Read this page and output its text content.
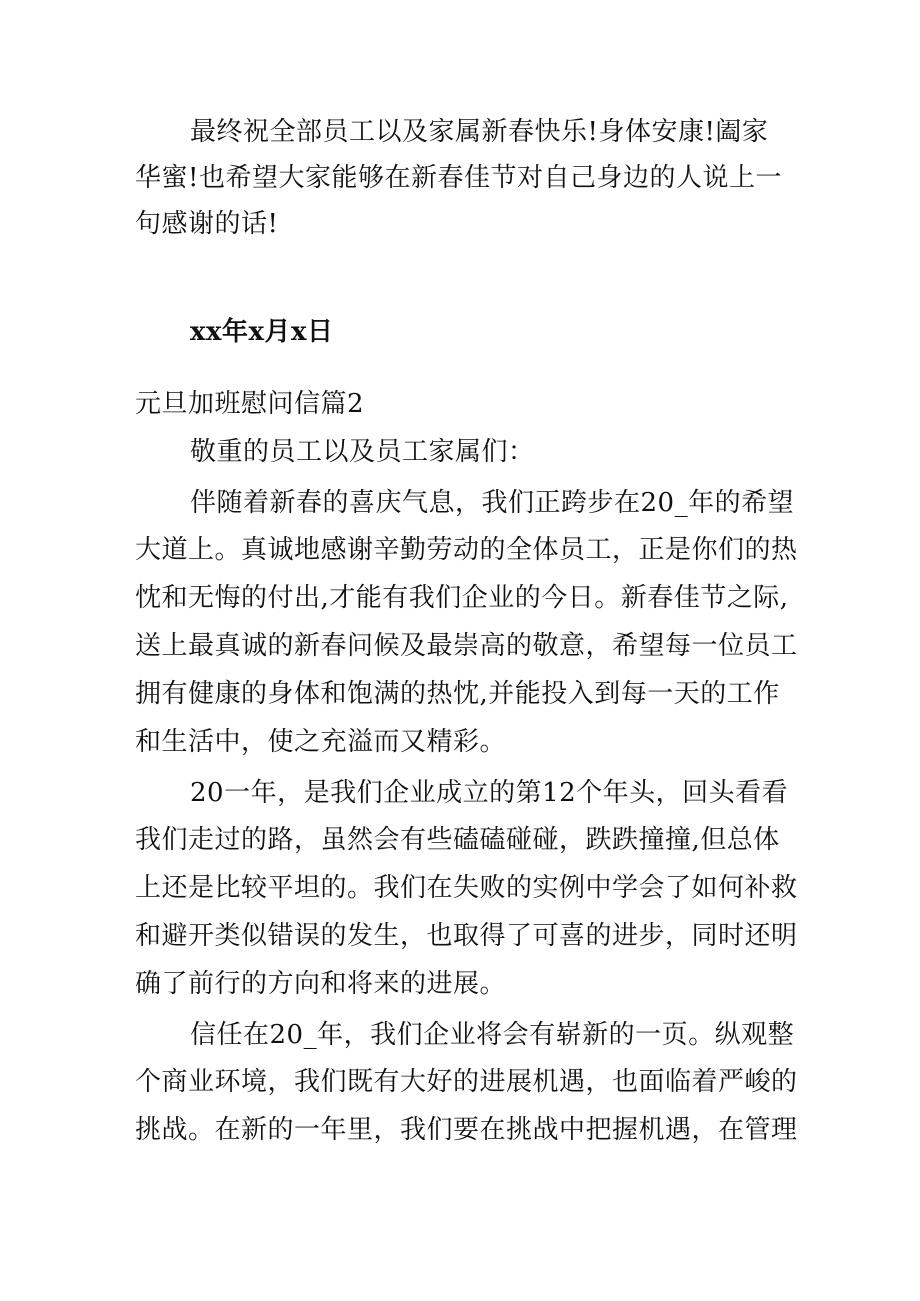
最终祝全部员工以及家属新春快乐!身体安康!阖家
华蜜!也希望大家能够在新春佳节对自己身边的人说上一
句感谢的话!
xx年x月x日
元旦加班慰问信篇2
敬重的员工以及员工家属们：
伴随着新春的喜庆气息，我们正跨步在20_年的希望
大道上。真诚地感谢辛勤劳动的全体员工，正是你们的热
忱和无悔的付出,才能有我们企业的今日。新春佳节之际,
送上最真诚的新春问候及最崇高的敬意，希望每一位员工
拥有健康的身体和饱满的热忱,并能投入到每一天的工作
和生活中，使之充溢而又精彩。
20一年，是我们企业成立的第12个年头，回头看看
我们走过的路，虽然会有些磕磕碰碰，跌跌撞撞,但总体
上还是比较平坦的。我们在失败的实例中学会了如何补救
和避开类似错误的发生，也取得了可喜的进步，同时还明
确了前行的方向和将来的进展。
信任在20_年，我们企业将会有崭新的一页。纵观整
个商业环境，我们既有大好的进展机遇，也面临着严峻的
挑战。在新的一年里，我们要在挑战中把握机遇，在管理
